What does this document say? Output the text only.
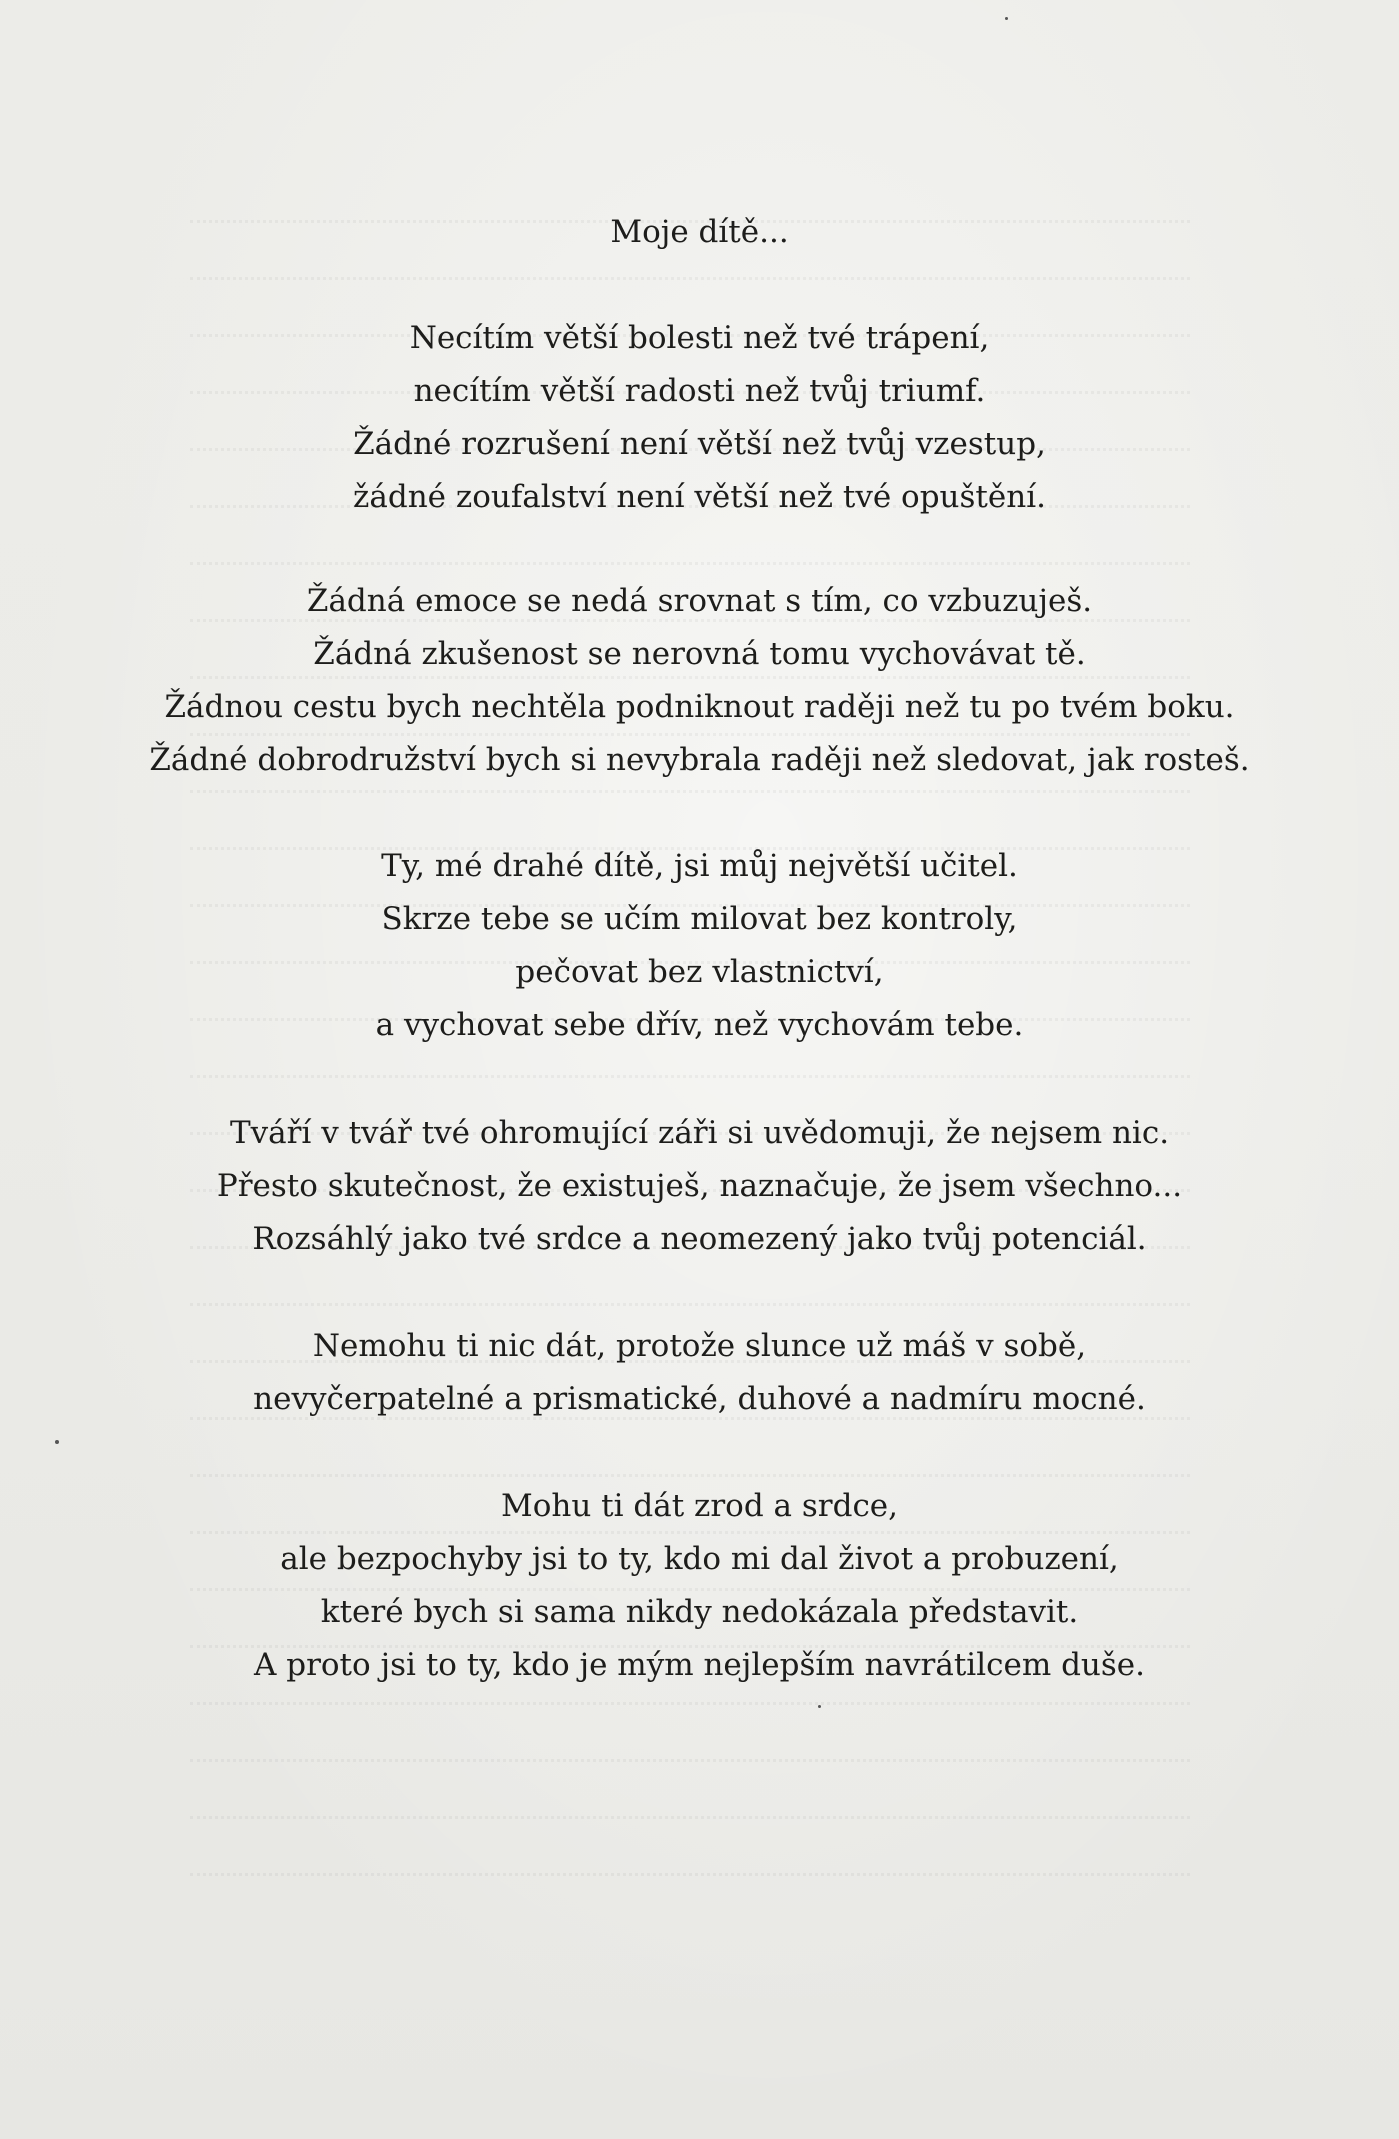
Moje dítě...
Necítím větší bolesti než tvé trápení,
necítím větší radosti než tvůj triumf.
Žádné rozrušení není větší než tvůj vzestup,
žádné zoufalství není větší než tvé opuštění.
Žádná emoce se nedá srovnat s tím, co vzbuzuješ.
Žádná zkušenost se nerovná tomu vychovávat tě.
Žádnou cestu bych nechtěla podniknout raději než tu po tvém boku.
Žádné dobrodružství bych si nevybrala raději než sledovat, jak rosteš.
Ty, mé drahé dítě, jsi můj největší učitel.
Skrze tebe se učím milovat bez kontroly,
pečovat bez vlastnictví,
a vychovat sebe dřív, než vychovám tebe.
Tváří v tvář tvé ohromující záři si uvědomuji, že nejsem nic.
Přesto skutečnost, že existuješ, naznačuje, že jsem všechno...
Rozsáhlý jako tvé srdce a neomezený jako tvůj potenciál.
Nemohu ti nic dát, protože slunce už máš v sobě,
nevyčerpatelné a prismatické, duhové a nadmíru mocné.
Mohu ti dát zrod a srdce,
ale bezpochyby jsi to ty, kdo mi dal život a probuzení,
které bych si sama nikdy nedokázala představit.
A proto jsi to ty, kdo je mým nejlepším navrátilcem duše.
